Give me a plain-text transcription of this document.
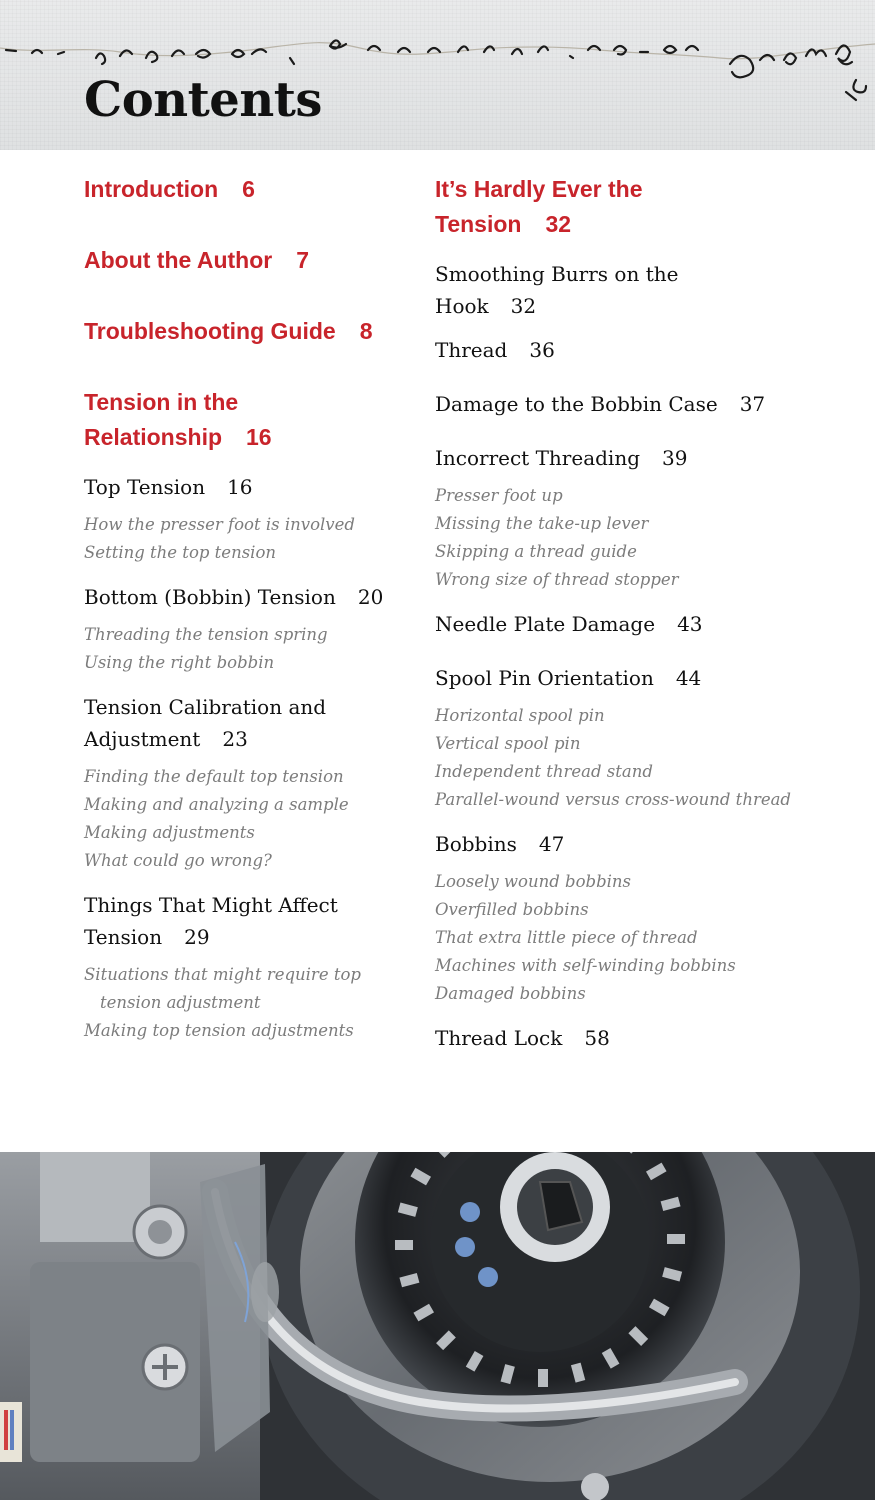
Contents
Introduction 6
About the Author 7
Troubleshooting Guide 8
Tension in the
Relationship 16
Top Tension 16
How the presser foot is involved
Setting the top tension
Bottom (Bobbin) Tension 20
Threading the tension spring
Using the right bobbin
Tension Calibration and
Adjustment 23
Finding the default top tension
Making and analyzing a sample
Making adjustments
What could go wrong?
Things That Might Affect
Tension 29
Situations that might require top tension adjustment
Making top tension adjustments
It’s Hardly Ever the
Tension 32
Smoothing Burrs on the
Hook 32
Thread 36
Damage to the Bobbin Case 37
Incorrect Threading 39
Presser foot up
Missing the take-up lever
Skipping a thread guide
Wrong size of thread stopper
Needle Plate Damage 43
Spool Pin Orientation 44
Horizontal spool pin
Vertical spool pin
Independent thread stand
Parallel-wound versus cross-wound thread
Bobbins 47
Loosely wound bobbins
Overfilled bobbins
That extra little piece of thread
Machines with self-winding bobbins
Damaged bobbins
Thread Lock 58
